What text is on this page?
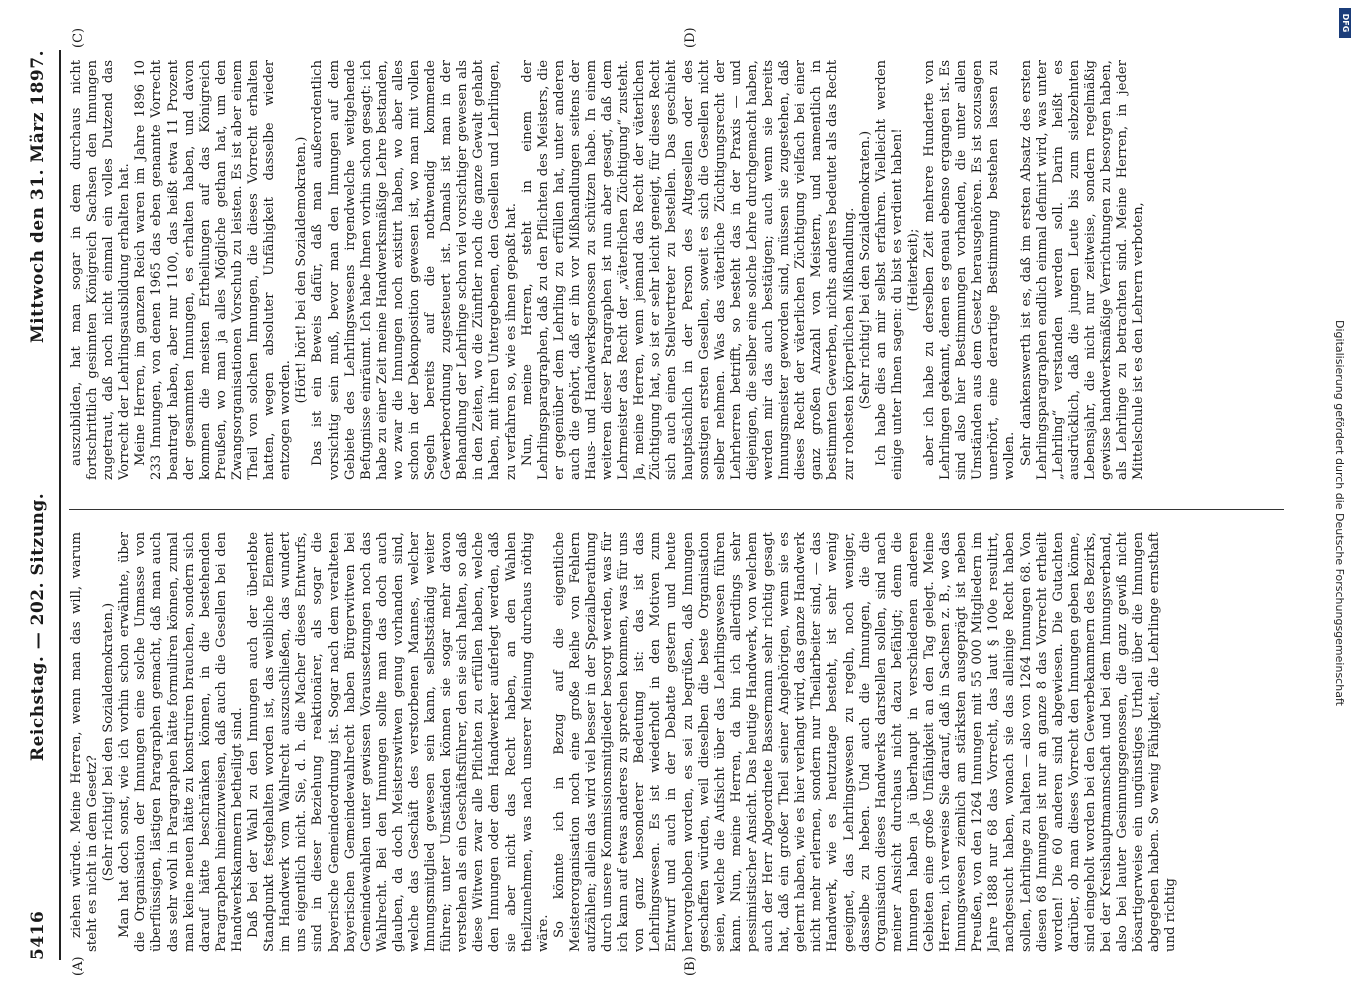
5416
Reichstag. — 202. Sitzung.
Mittwoch den 31. März 1897.
(A)	(B)
(C)	(D)

ziehen würde. Meine Herren, wenn man das will, warum steht es nicht in dem Gesetz? (Sehr richtig! bei den Sozialdemokraten.) Man hat doch sonst, wie ich vorhin schon erwähnte, über die Organisation der Innungen eine solche Unmasse von überflüssigen, lästigen Paragraphen gemacht, daß man auch das sehr wohl in Paragraphen hätte formuliren können, zumal man keine neuen hätte zu konstruiren brauchen, sondern sich darauf hätte beschränken können, in die bestehenden Paragraphen hineinzuweisen, daß auch die Gesellen bei den Handwerkskammern betheiligt sind. Daß bei der Wahl zu den Innungen auch der überlebte Standpunkt festgehalten worden ist, das weibliche Element im Handwerk vom Wahlrecht auszuschließen, das wundert uns eigentlich nicht. Sie, d. h. die Macher dieses Entwurfs, sind in dieser Beziehung reaktionärer, als sogar die bayerische Gemeindeordnung ist. Sogar nach dem veralteten bayerischen Gemeindewahlrecht haben Bürgerwitwen bei Gemeindewahlen unter gewissen Voraussetzungen noch das Wahlrecht. Bei den Innungen sollte man das doch auch glauben, da doch Meisterswitwen genug vorhanden sind, welche das Geschäft des verstorbenen Mannes, welcher Innungsmitglied gewesen sein kann, selbstständig weiter führen; unter Umständen können sie sogar mehr davon verstehen als ein Geschäftsführer, den sie sich halten, so daß diese Witwen zwar alle Pflichten zu erfüllen haben, welche den Innungen oder dem Handwerker auferlegt werden, daß sie aber nicht das Recht haben, an den Wahlen theilzunehmen, was nach unserer Meinung durchaus nöthig wäre. So könnte ich in Bezug auf die eigentliche Meisterorganisation noch eine große Reihe von Fehlern aufzählen; allein das wird viel besser in der Spezialberathung durch unsere Kommissionsmitglieder besorgt werden, was für ich kann auf etwas anderes zu sprechen kommen, was für uns von ganz besonderer Bedeutung ist: das ist das Lehrlingswesen. Es ist wiederholt in den Motiven zum Entwurf und auch in der Debatte gestern und heute hervorgehoben worden, es sei zu begrüßen, daß Innungen geschaffen würden, weil dieselben die beste Organisation seien, welche die Aufsicht über das Lehrlingswesen führen kann. Nun, meine Herren, da bin ich allerdings sehr pessimistischer Ansicht. Das heutige Handwerk, von welchem auch der Herr Abgeordnete Bassermann sehr richtig gesagt hat, daß ein großer Theil seiner Angehörigen, wenn sie es gelernt haben, wie es hier verlangt wird, das ganze Handwerk nicht mehr erlernen, sondern nur Theilarbeiter sind, — das Handwerk, wie es heutzutage besteht, ist sehr wenig geeignet, das Lehrlingswesen zu regeln, noch weniger, dasselbe zu heben. Und auch die Innungen, die die Organisation dieses Handwerks darstellen sollen, sind nach meiner Ansicht durchaus nicht dazu befähigt; denn die Innungen haben ja überhaupt in verschiedenen anderen Gebieten eine große Unfähigkeit an den Tag gelegt. Meine Herren, ich verweise Sie darauf, daß in Sachsen z. B., wo das Innungswesen ziemlich am stärksten ausgeprägt ist neben Preußen, von den 1264 Innungen mit 55 000 Mitgliedern im Jahre 1888 nur 68 das Vorrecht, das laut § 100e resultirt, nachgesucht haben, wonach sie das alleinige Recht haben sollen, Lehrlinge zu halten — also von 1264 Innungen 68. Von diesen 68 Innungen ist nur an ganze 8 das Vorrecht ertheilt worden! Die 60 anderen sind abgewiesen. Die Gutachten darüber, ob man dieses Vorrecht den Innungen geben könne, sind eingeholt worden bei den Gewerbekammern des Bezirks, bei der Kreishauptmannschaft und bei dem Innungsverband, also bei lauter Gesinnungsgenossen, die ganz gewiß nicht bösartigerweise ein ungünstiges Urtheil über die Innungen abgegeben haben. So wenig Fähigkeit, die Lehrlinge ernsthaft und richtig

auszubilden, hat man sogar in dem durchaus nicht fortschrittlich gesinnten Königreich Sachsen den Innungen zugetraut, daß noch nicht einmal ein volles Dutzend das Vorrecht der Lehrlingsausbildung erhalten hat. Meine Herren, im ganzen Reich waren im Jahre 1896 10 233 Innungen, von denen 1965 das eben genannte Vorrecht beantragt haben, aber nur 1100, das heißt etwa 11 Prozent der gesammten Innungen, es erhalten haben, und davon kommen die meisten Ertheilungen auf das Königreich Preußen, wo man ja alles Mögliche gethan hat, um den Zwangsorganisationen Vorschub zu leisten. Es ist aber einem Theil von solchen Innungen, die dieses Vorrecht erhalten hatten, wegen absoluter Unfähigkeit dasselbe wieder entzogen worden.

(Hört! hört! bei den Sozialdemokraten.) Das ist ein Beweis dafür, daß man außerordentlich vorsichtig sein muß, bevor man den Innungen auf dem Gebiete des Lehrlingswesens irgendwelche weitgehende Befugnisse einräumt. Ich habe Ihnen vorhin schon gesagt: ich habe zu einer Zeit meine Handwerksmäßige Lehre bestanden, wo zwar die Innungen noch existirt haben, wo aber alles schon in der Dekonposition gewesen ist, wo man mit vollen Segeln bereits auf die nothwendig kommende Gewerbeordnung zugesteuert ist. Damals ist man in der Behandlung der Lehrlinge schon viel vorsichtiger gewesen als in den Zeiten, wo die Zünftler noch die ganze Gewalt gehabt haben, mit ihren Untergebenen, den Gesellen und Lehrlingen, zu verfahren so, wie es ihnen gepaßt hat. Nun, meine Herren, steht in einem der Lehrlingsparagraphen, daß zu den Pflichten des Meisters, die er gegenüber dem Lehrling zu erfüllen hat, unter anderen auch die gehört, daß er ihn vor Mißhandlungen seitens der Haus- und Handwerksgenossen zu schützen habe. In einem weiteren dieser Paragraphen ist nun aber gesagt, daß dem Lehrmeister das Recht der „väterlichen Züchtigung“ zusteht. Ja, meine Herren, wenn jemand das Recht der väterlichen Züchtigung hat, so ist er sehr leicht geneigt, für dieses Recht sich auch einen Stellvertreter zu bestellen. Das geschieht hauptsächlich in der Person des Altgesellen oder des sonstigen ersten Gesellen, soweit es sich die Gesellen nicht selber nehmen. Was das väterliche Züchtigungsrecht der Lehrherren betrifft, so besteht das in der Praxis — und diejenigen, die selber eine solche Lehre durchgemacht haben, werden mir das auch bestätigen; auch wenn sie bereits Innungsmeister geworden sind, müssen sie zugestehen, daß dieses Recht der väterlichen Züchtigung vielfach bei einer ganz großen Anzahl von Meistern, und namentlich in bestimmten Gewerben, nichts anderes bedeutet als das Recht zur rohesten körperlichen Mißhandlung. (Sehr richtig! bei den Sozialdemokraten.) Ich habe dies an mir selbst erfahren. Vielleicht werden einige unter Ihnen sagen: du bist es verdient haben! (Heiterkeit); aber ich habe zu derselben Zeit mehrere Hunderte von Lehrlingen gekannt, denen es genau ebenso ergangen ist. Es sind also hier Bestimmungen vorhanden, die unter allen Umständen aus dem Gesetz herausgehören. Es ist sozusagen unerhört, eine derartige Bestimmung bestehen lassen zu wollen. Sehr dankenswerth ist es, daß im ersten Absatz des ersten Lehrlingsparagraphen endlich einmal definirt wird, was unter „Lehrling“ verstanden werden soll. Darin heißt es ausdrücklich, daß die jungen Leute bis zum siebzehnten Lebensjahr, die nicht nur zeitweise, sondern regelmäßig gewisse handwerksmäßige Verrichtungen zu besorgen haben, als Lehrlinge zu betrachten sind. Meine Herren, in jeder Mittelschule ist es den Lehrern verboten,

DFG
Digitalisierung gefördert durch die Deutsche Forschungsgemeinschaft
